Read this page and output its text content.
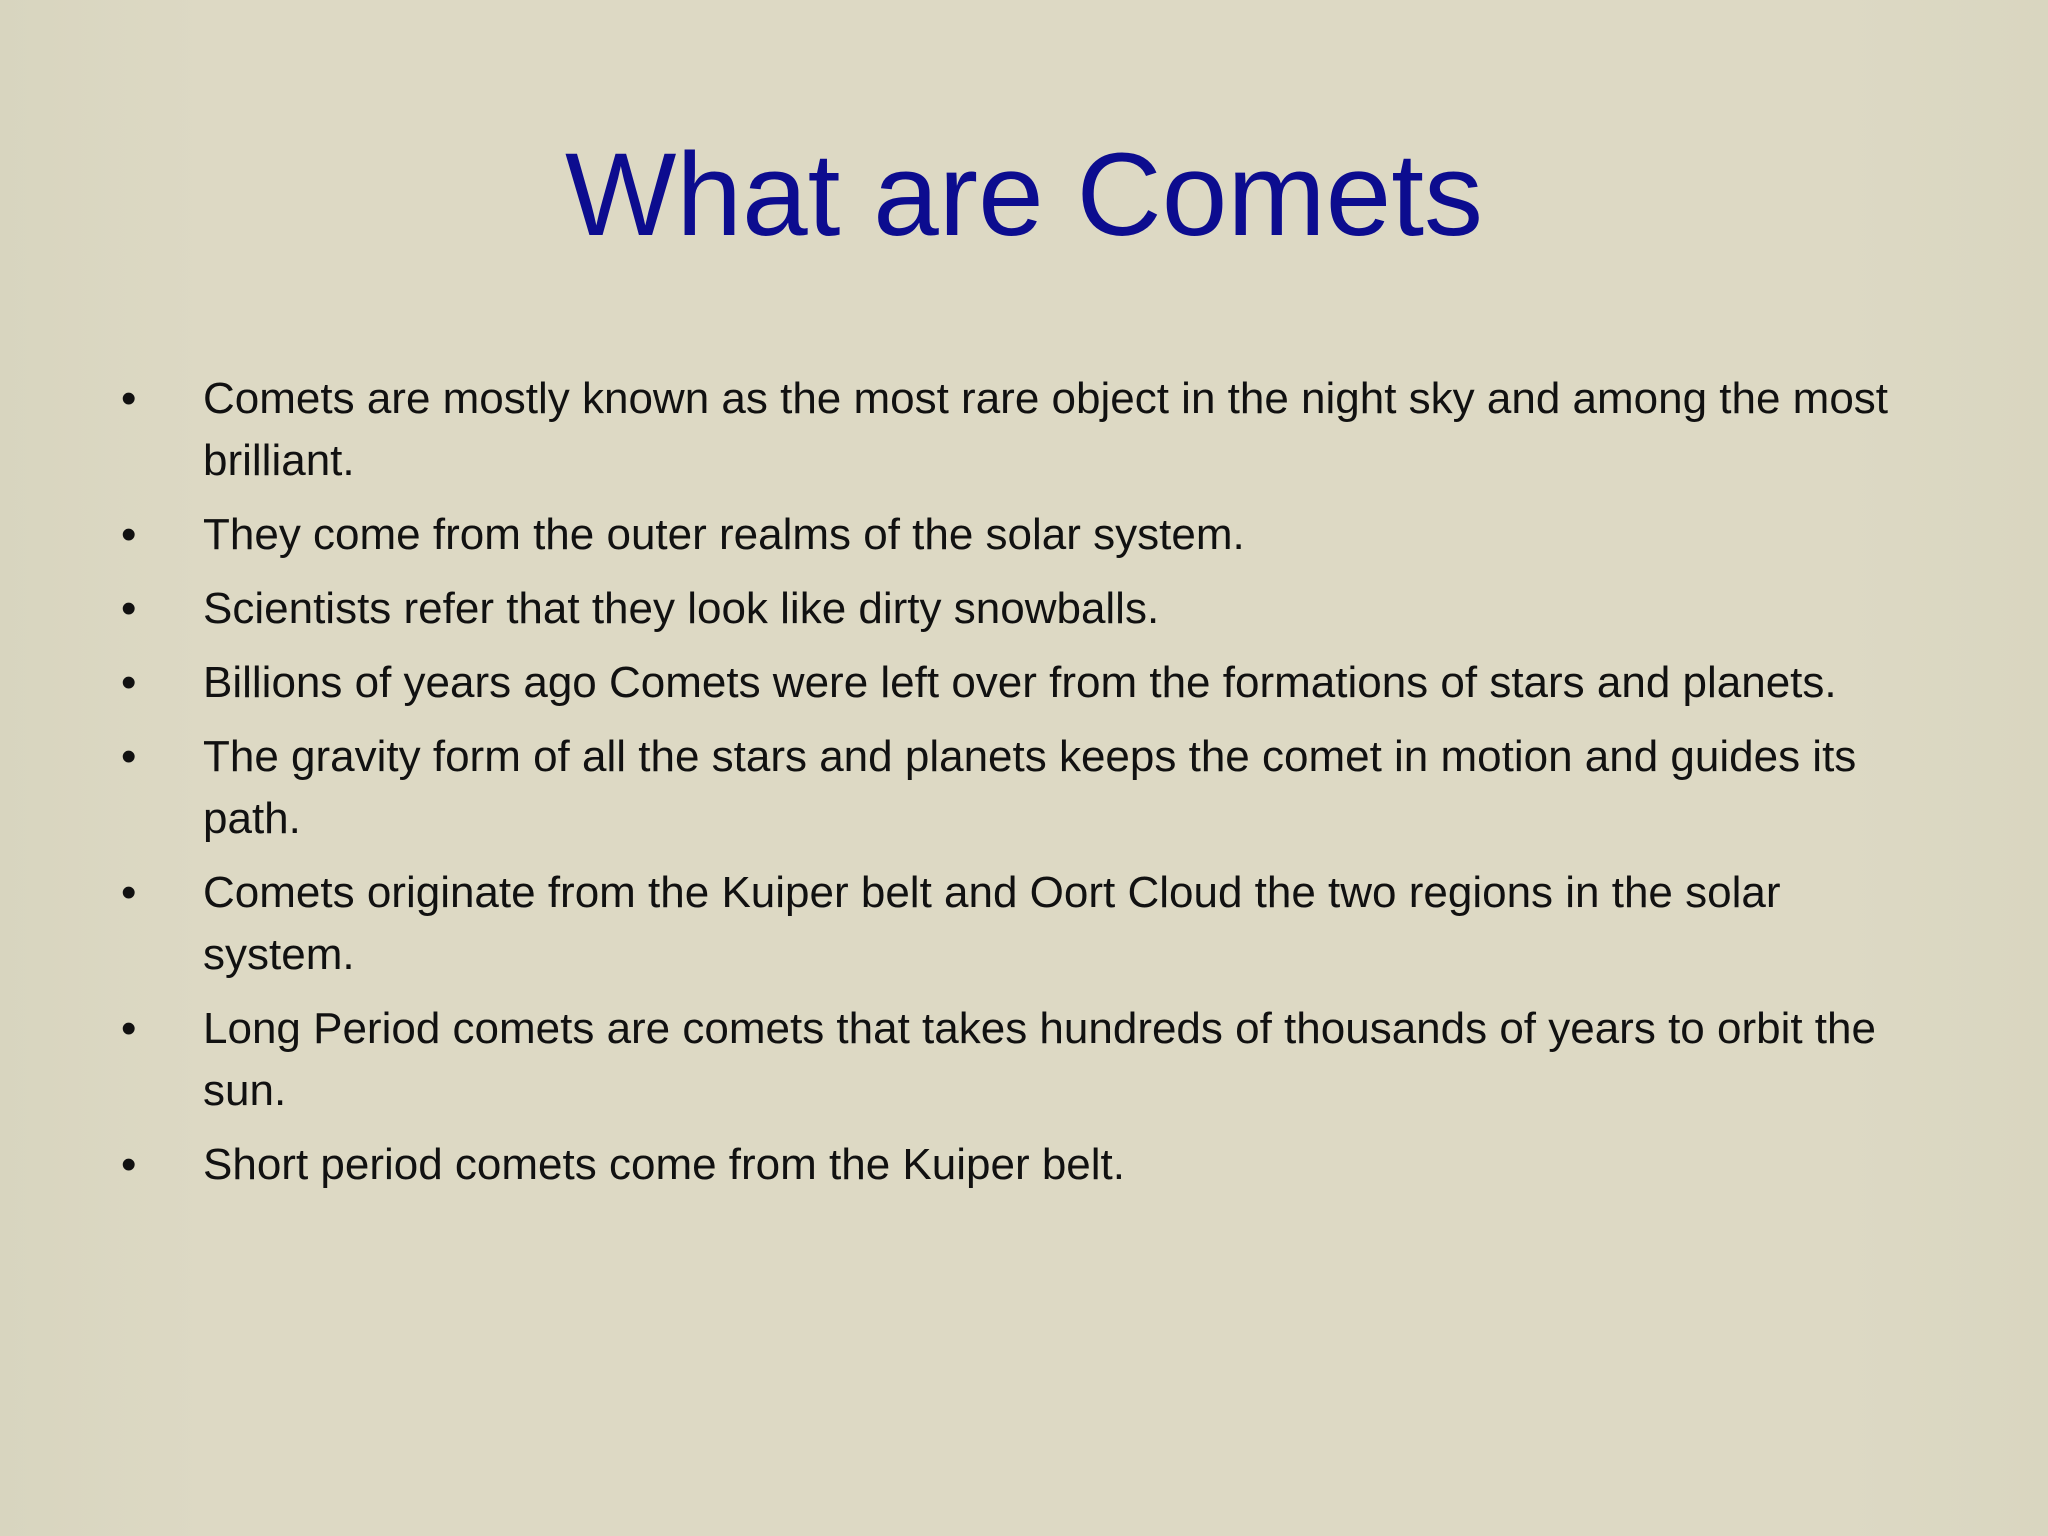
What are Comets
•	Comets are mostly known as the most rare object in the night sky and among the most brilliant.
•	They come from the outer realms of the solar system.
•	Scientists refer that they look like dirty snowballs.
•	Billions of years ago Comets were left over from the formations of stars and planets.
•	The gravity form of all the stars and planets keeps the comet in motion and guides its path.
•	Comets originate from the Kuiper belt and Oort Cloud the two regions in the solar system.
•	Long Period comets are comets that takes hundreds of thousands of years to orbit the sun.
•	Short period comets come from the Kuiper belt.
